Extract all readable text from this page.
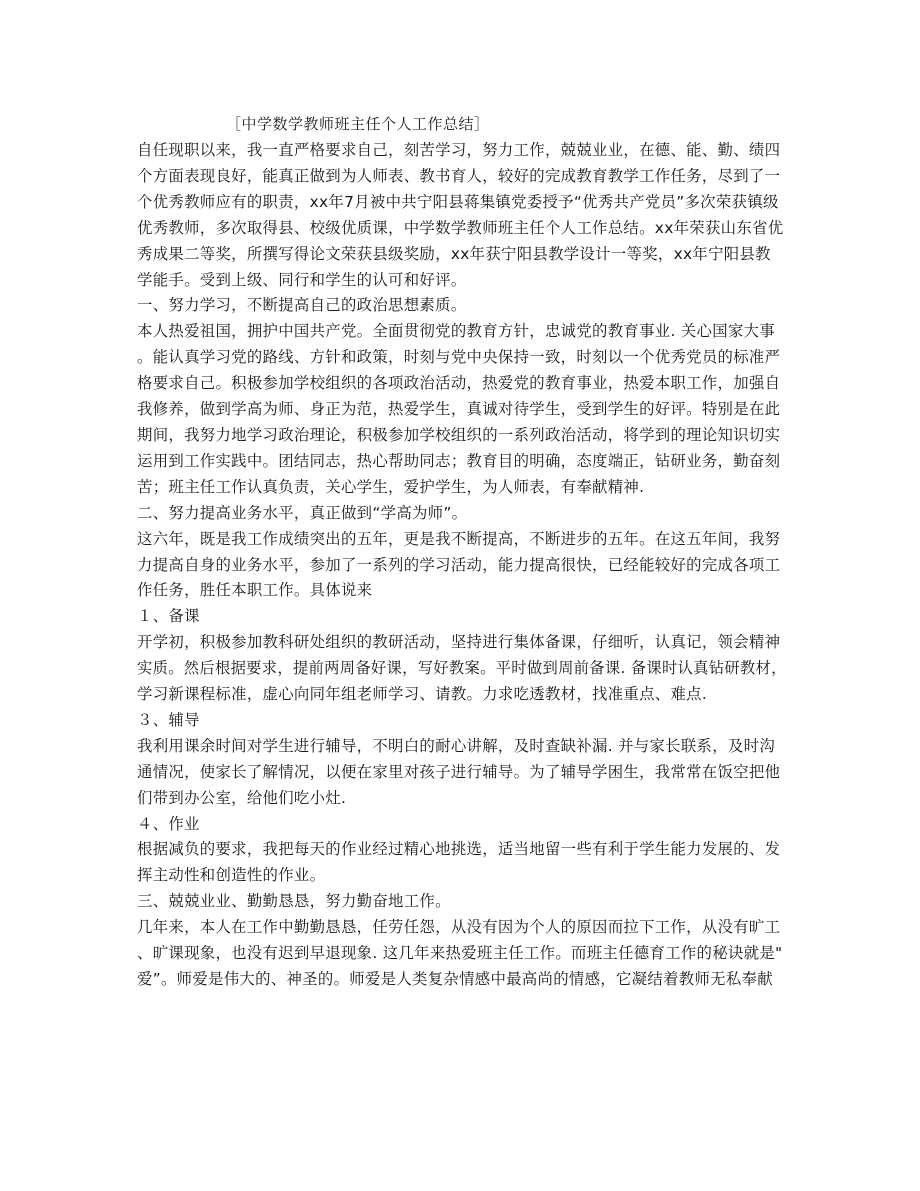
［中学数学教师班主任个人工作总结］
自任现职以来，我一直严格要求自己，刻苦学习，努力工作，兢兢业业，在德、能、勤、绩四
个方面表现良好，能真正做到为人师表、教书育人，较好的完成教育教学工作任务，尽到了一
个优秀教师应有的职责，xx年7月被中共宁阳县蒋集镇党委授予“优秀共产党员”多次荣获镇级
优秀教师，多次取得县、校级优质课，中学数学教师班主任个人工作总结。xx年荣获山东省优
秀成果二等奖，所撰写得论文荣获县级奖励，xx年获宁阳县教学设计一等奖，xx年宁阳县教
学能手。受到上级、同行和学生的认可和好评。
一、努力学习，不断提高自己的政治思想素质。
本人热爱祖国，拥护中国共产党。全面贯彻党的教育方针，忠诚党的教育事业. 关心国家大事
。能认真学习党的路线、方针和政策，时刻与党中央保持一致，时刻以一个优秀党员的标准严
格要求自己。积极参加学校组织的各项政治活动，热爱党的教育事业，热爱本职工作，加强自
我修养，做到学高为师、身正为范，热爱学生，真诚对待学生，受到学生的好评。特别是在此
期间，我努力地学习政治理论，积极参加学校组织的一系列政治活动，将学到的理论知识切实
运用到工作实践中。团结同志，热心帮助同志；教育目的明确，态度端正，钻研业务，勤奋刻
苦；班主任工作认真负责，关心学生，爱护学生，为人师表，有奉献精神.
二、努力提高业务水平，真正做到“学高为师”。
这六年，既是我工作成绩突出的五年，更是我不断提高，不断进步的五年。在这五年间，我努
力提高自身的业务水平，参加了一系列的学习活动，能力提高很快，已经能较好的完成各项工
作任务，胜任本职工作。具体说来
１、备课
开学初，积极参加教科研处组织的教研活动，坚持进行集体备课，仔细听，认真记，领会精神
实质。然后根据要求，提前两周备好课，写好教案。平时做到周前备课. 备课时认真钻研教材，
学习新课程标准，虚心向同年组老师学习、请教。力求吃透教材，找准重点、难点.
３、辅导
我利用课余时间对学生进行辅导，不明白的耐心讲解，及时查缺补漏. 并与家长联系，及时沟
通情况，使家长了解情况，以便在家里对孩子进行辅导。为了辅导学困生，我常常在饭空把他
们带到办公室，给他们吃小灶.
４、作业
根据减负的要求，我把每天的作业经过精心地挑选，适当地留一些有利于学生能力发展的、发
挥主动性和创造性的作业。
三、兢兢业业、勤勤恳恳，努力勤奋地工作。
几年来，本人在工作中勤勤恳恳，任劳任怨，从没有因为个人的原因而拉下工作，从没有旷工
、旷课现象，也没有迟到早退现象. 这几年来热爱班主任工作。而班主任德育工作的秘诀就是"
爱”。师爱是伟大的、神圣的。师爱是人类复杂情感中最高尚的情感，它凝结着教师无私奉献
